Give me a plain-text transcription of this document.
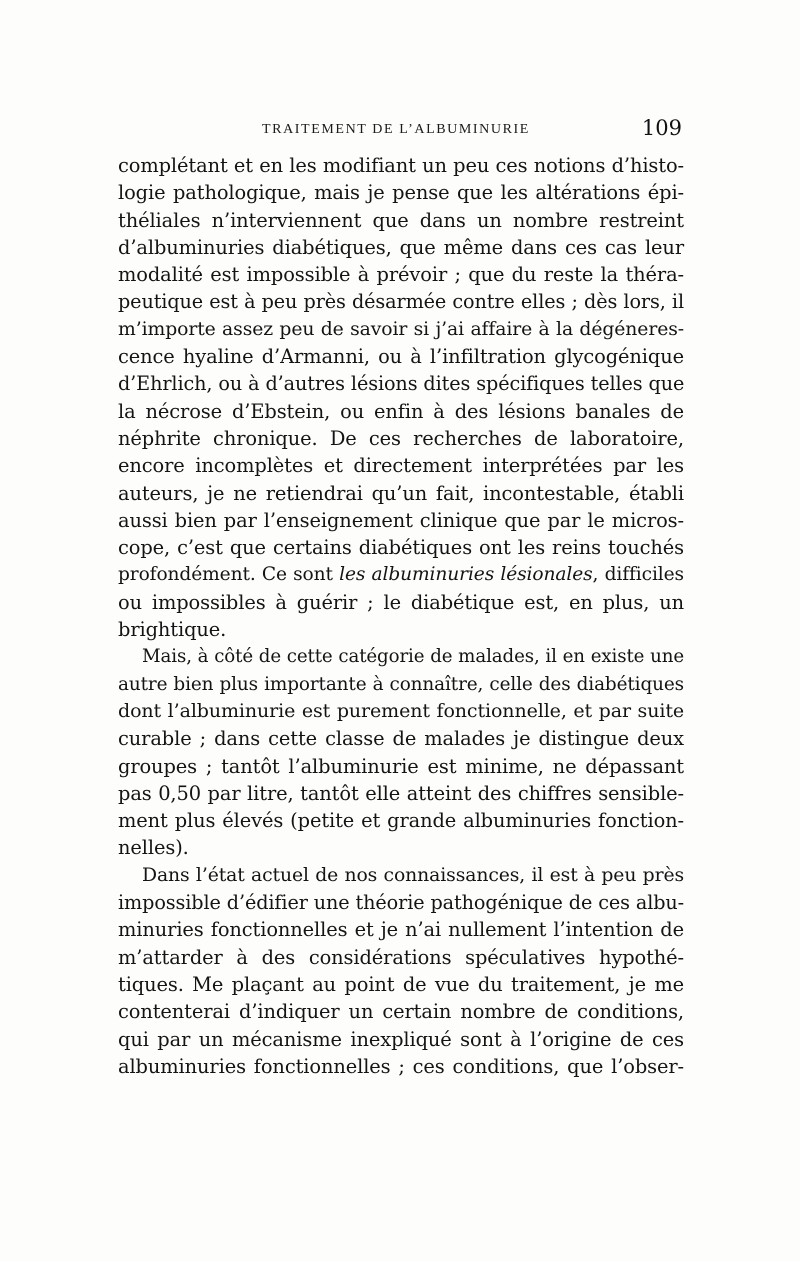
TRAITEMENT DE L’ALBUMINURIE	109
complétant et en les modifiant un peu ces notions d’histo-
logie pathologique, mais je pense que les altérations épi-
théliales n’interviennent que dans un nombre restreint
d’albuminuries diabétiques, que même dans ces cas leur
modalité est impossible à prévoir ; que du reste la théra-
peutique est à peu près désarmée contre elles ; dès lors, il
m’importe assez peu de savoir si j’ai affaire à la dégéneres-
cence hyaline d’Armanni, ou à l’infiltration glycogénique
d’Ehrlich, ou à d’autres lésions dites spécifiques telles que
la nécrose d’Ebstein, ou enfin à des lésions banales de
néphrite chronique. De ces recherches de laboratoire,
encore incomplètes et directement interprétées par les
auteurs, je ne retiendrai qu’un fait, incontestable, établi
aussi bien par l’enseignement clinique que par le micros-
cope, c’est que certains diabétiques ont les reins touchés
profondément. Ce sont les albuminuries lésionales, difficiles
ou impossibles à guérir ; le diabétique est, en plus, un
brightique.
Mais, à côté de cette catégorie de malades, il en existe une
autre bien plus importante à connaître, celle des diabétiques
dont l’albuminurie est purement fonctionnelle, et par suite
curable ; dans cette classe de malades je distingue deux
groupes ; tantôt l’albuminurie est minime, ne dépassant
pas 0,50 par litre, tantôt elle atteint des chiffres sensible-
ment plus élevés (petite et grande albuminuries fonction-
nelles).
Dans l’état actuel de nos connaissances, il est à peu près
impossible d’édifier une théorie pathogénique de ces albu-
minuries fonctionnelles et je n’ai nullement l’intention de
m’attarder à des considérations spéculatives hypothé-
tiques. Me plaçant au point de vue du traitement, je me
contenterai d’indiquer un certain nombre de conditions,
qui par un mécanisme inexpliqué sont à l’origine de ces
albuminuries fonctionnelles ; ces conditions, que l’obser-
